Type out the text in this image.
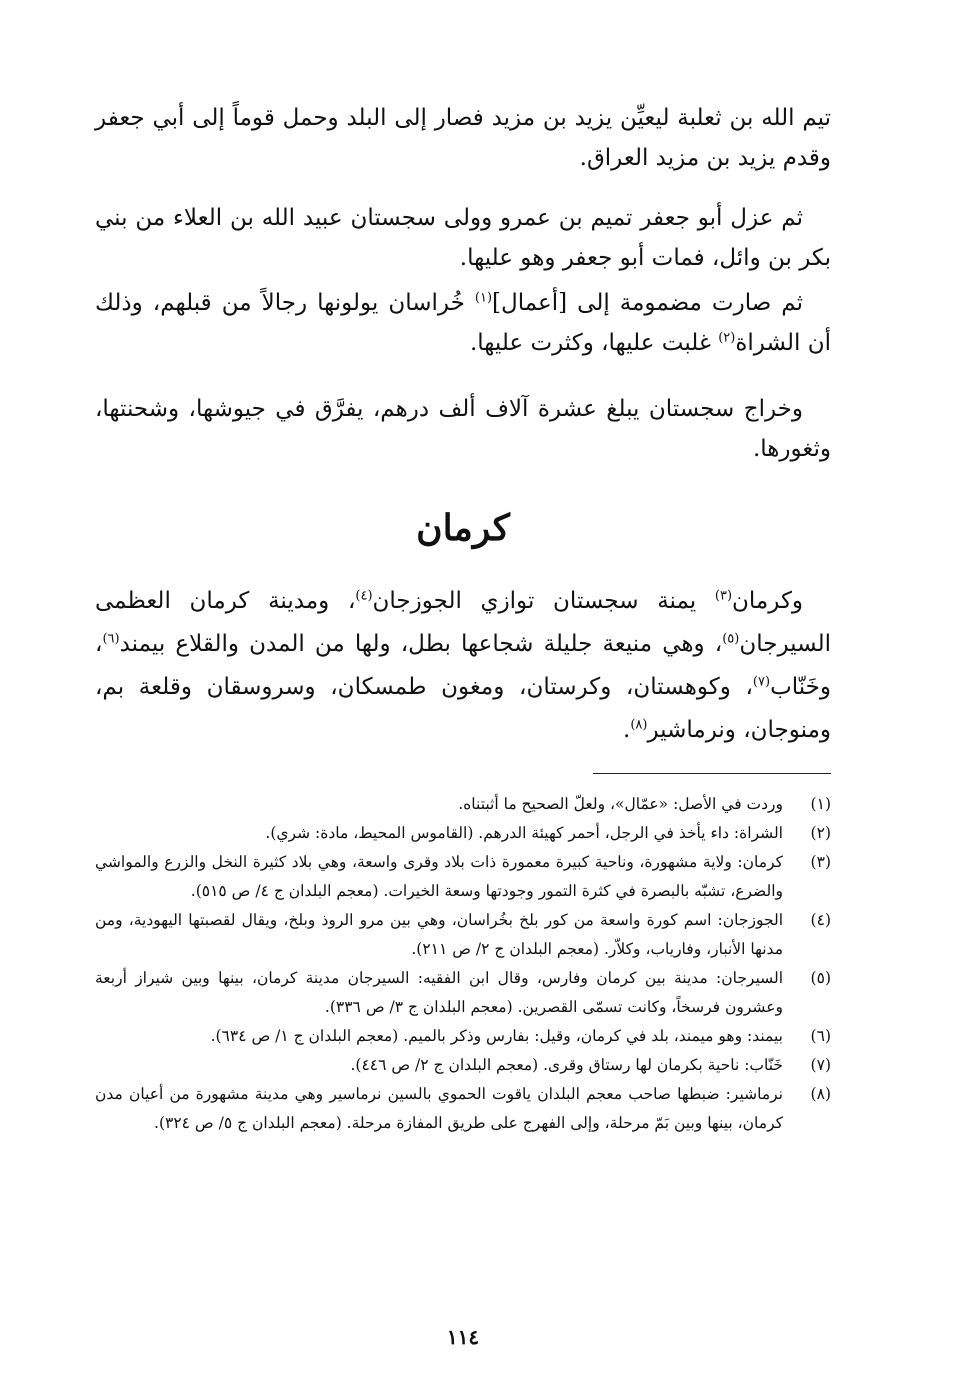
تيم الله بن ثعلبة ليعيِّن يزيد بن مزيد فصار إلى البلد وحمل قوماً إلى أبي جعفر وقدم يزيد بن مزيد العراق.

ثم عزل أبو جعفر تميم بن عمرو وولى سجستان عبيد الله بن العلاء من بني بكر بن وائل، فمات أبو جعفر وهو عليها.

ثم صارت مضمومة إلى [أعمال]$^{(١)}$ خُراسان يولونها رجالاً من قبلهم، وذلك أن الشراة$^{(٢)}$ غلبت عليها، وكثرت عليها.

وخراج سجستان يبلغ عشرة آلاف ألف درهم، يفرَّق في جيوشها، وشحنتها، وثغورها.

كرمان

وكرمان$^{(٣)}$ يمنة سجستان توازي الجوزجان$^{(٤)}$، ومدينة كرمان العظمى السيرجان$^{(٥)}$، وهي منيعة جليلة شجاعها بطل، ولها من المدن والقلاع بيمند$^{(٦)}$، وخَنّاب$^{(٧)}$، وكوهستان، وكرستان، ومغون طمسكان، وسروسقان وقلعة بم، ومنوجان، ونرماشير$^{(٨)}$.

(١)
وردت في الأصل: «عمّال»، ولعلّ الصحيح ما أثبتناه.
(٢)
الشراة: داء يأخذ في الرجل، أحمر كهيئة الدرهم. (القاموس المحيط، مادة: شري).
(٣)
كرمان: ولاية مشهورة، وناحية كبيرة معمورة ذات بلاد وقرى واسعة، وهي بلاد كثيرة النخل والزرع والمواشي والضرع، تشبّه بالبصرة في كثرة التمور وجودتها وسعة الخيرات. (معجم البلدان ج ٤/ ص ٥١٥).
(٤)
الجوزجان: اسم كورة واسعة من كور بلخ بخُراسان، وهي بين مرو الروذ وبلخ، ويقال لقصبتها اليهودية، ومن مدنها الأنبار، وفارياب، وكلاّر. (معجم البلدان ج ٢/ ص ٢١١).
(٥)
السيرجان: مدينة بين كرمان وفارس، وقال ابن الفقيه: السيرجان مدينة كرمان، بينها وبين شيراز أربعة وعشرون فرسخاً، وكانت تسمّى القصرين. (معجم البلدان ج ٣/ ص ٣٣٦).
(٦)
بيمند: وهو ميمند، بلد في كرمان، وقيل: بفارس وذكر بالميم. (معجم البلدان ج ١/ ص ٦٣٤).
(٧)
خَنّاب: ناحية بكرمان لها رستاق وقرى. (معجم البلدان ج ٢/ ص ٤٤٦).
(٨)
نرماشير: ضبطها صاحب معجم البلدان ياقوت الحموي بالسين نرماسير وهي مدينة مشهورة من أعيان مدن كرمان، بينها وبين بَمّ مرحلة، وإلى الفهرج على طريق المفازة مرحلة. (معجم البلدان ج ٥/ ص ٣٢٤).
١١٤
